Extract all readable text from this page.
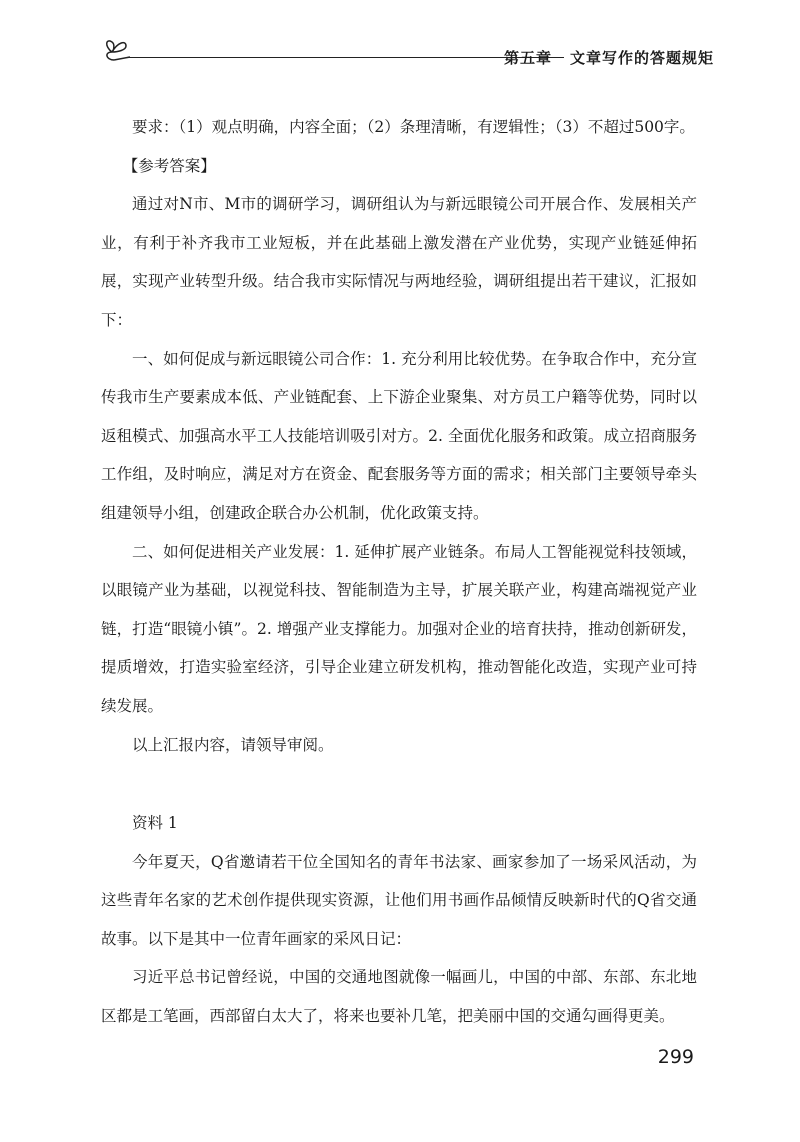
第五章 文章写作的答题规矩

要求：（1）观点明确，内容全面；（2）条理清晰，有逻辑性；（3）不超过500字。

【参考答案】

通过对N市、M市的调研学习，调研组认为与新远眼镜公司开展合作、发展相关产业，有利于补齐我市工业短板，并在此基础上激发潜在产业优势，实现产业链延伸拓展，实现产业转型升级。结合我市实际情况与两地经验，调研组提出若干建议，汇报如下：

一、如何促成与新远眼镜公司合作：1. 充分利用比较优势。在争取合作中，充分宣传我市生产要素成本低、产业链配套、上下游企业聚集、对方员工户籍等优势，同时以返租模式、加强高水平工人技能培训吸引对方。2. 全面优化服务和政策。成立招商服务工作组，及时响应，满足对方在资金、配套服务等方面的需求；相关部门主要领导牵头组建领导小组，创建政企联合办公机制，优化政策支持。

二、如何促进相关产业发展：1. 延伸扩展产业链条。布局人工智能视觉科技领域，以眼镜产业为基础，以视觉科技、智能制造为主导，扩展关联产业，构建高端视觉产业链，打造“眼镜小镇”。2. 增强产业支撑能力。加强对企业的培育扶持，推动创新研发，提质增效，打造实验室经济，引导企业建立研发机构，推动智能化改造，实现产业可持续发展。

以上汇报内容，请领导审阅。

资料 1

今年夏天，Q省邀请若干位全国知名的青年书法家、画家参加了一场采风活动，为这些青年名家的艺术创作提供现实资源，让他们用书画作品倾情反映新时代的Q省交通故事。以下是其中一位青年画家的采风日记：

习近平总书记曾经说，中国的交通地图就像一幅画儿，中国的中部、东部、东北地区都是工笔画，西部留白太大了，将来也要补几笔，把美丽中国的交通勾画得更美。

299
